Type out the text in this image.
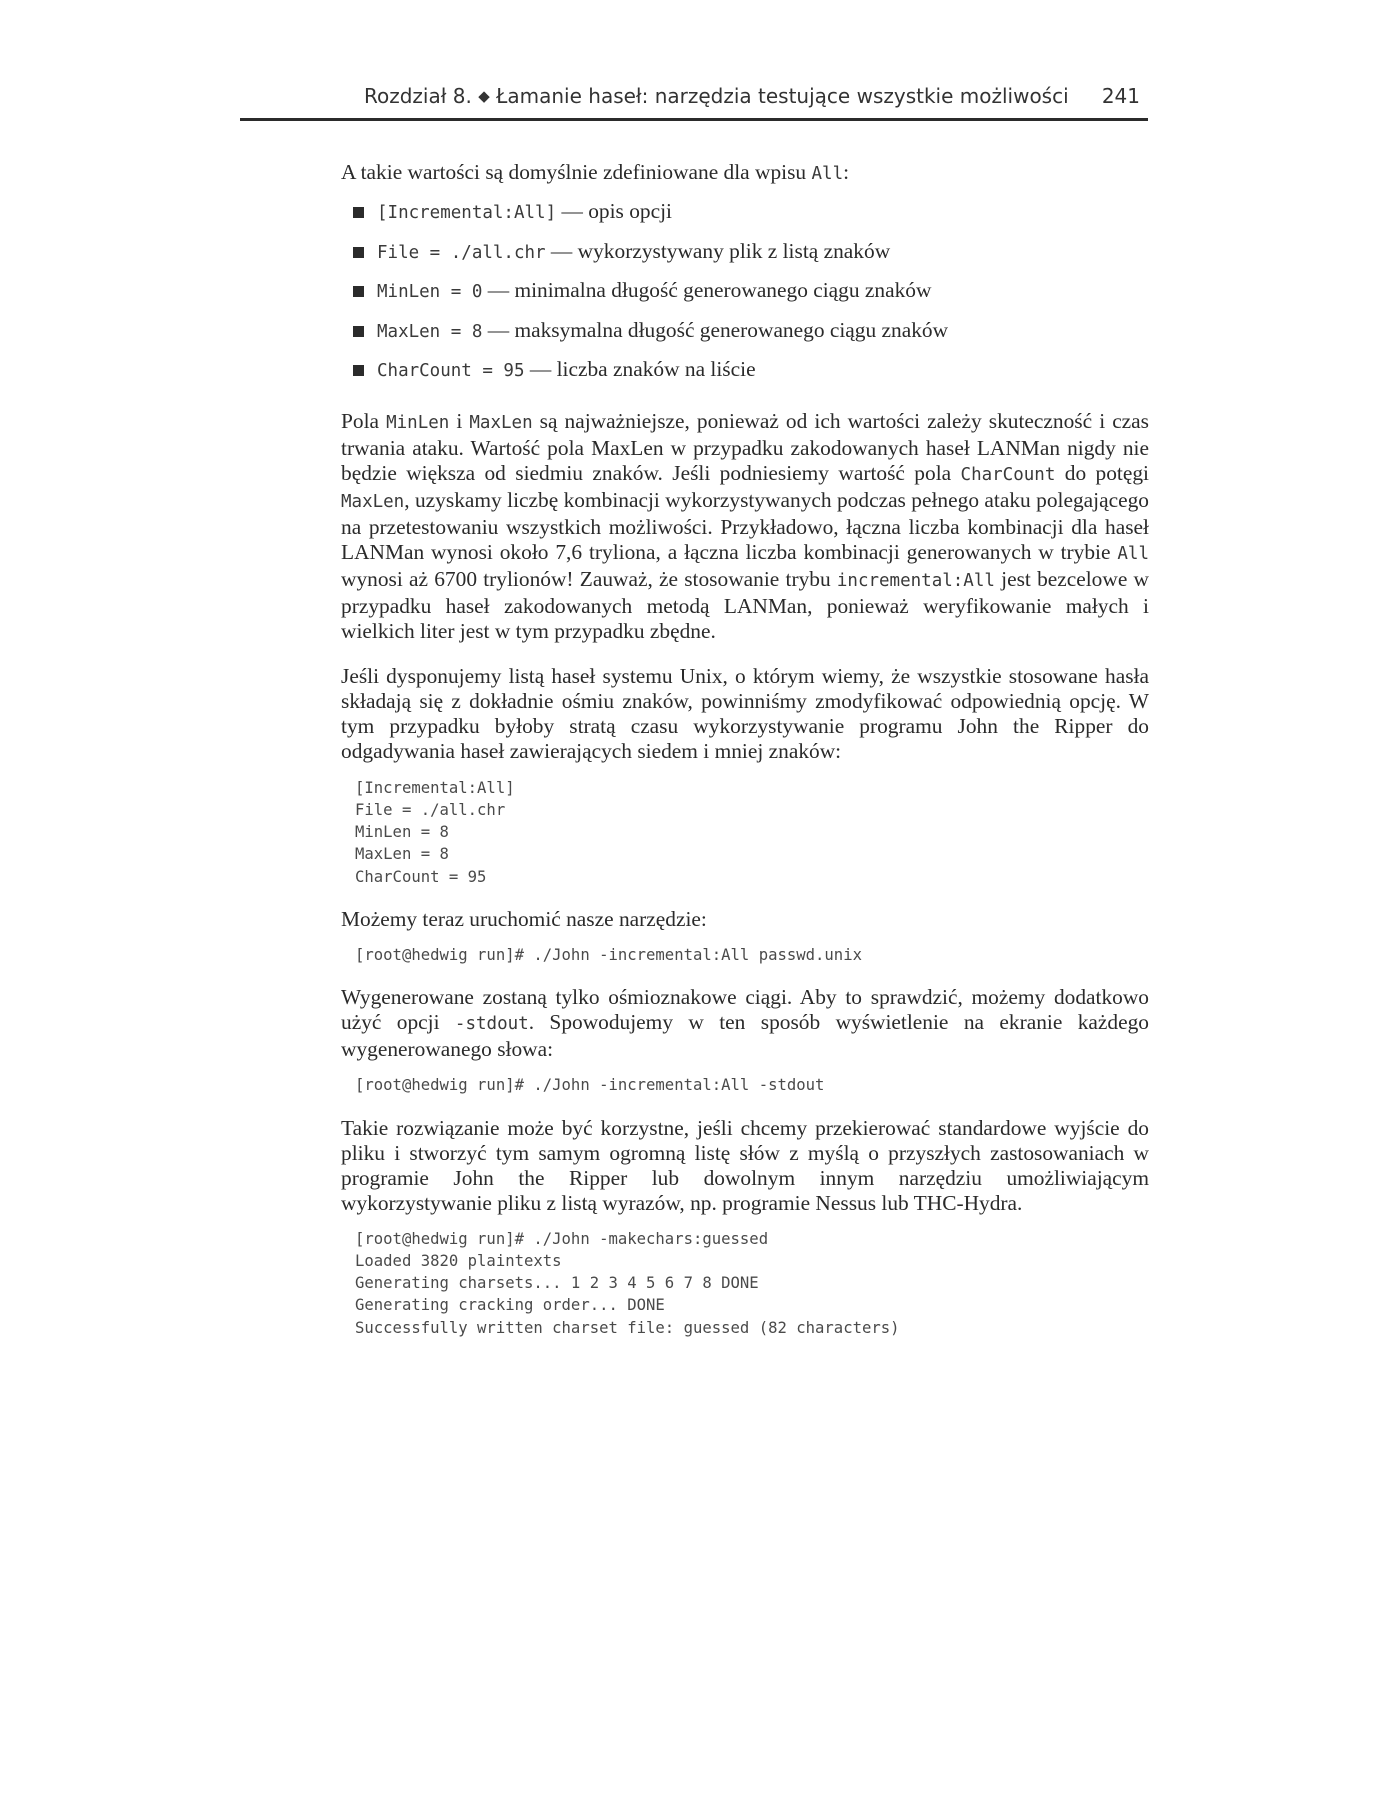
Rozdział 8. ◆ Łamanie haseł: narzędzia testujące wszystkie możliwości 241

A takie wartości są domyślnie zdefiniowane dla wpisu All:

[Incremental:All] — opis opcji
File = ./all.chr — wykorzystywany plik z listą znaków
MinLen = 0 — minimalna długość generowanego ciągu znaków
MaxLen = 8 — maksymalna długość generowanego ciągu znaków
CharCount = 95 — liczba znaków na liście

Pola MinLen i MaxLen są najważniejsze, ponieważ od ich wartości zależy skuteczność i czas trwania ataku. Wartość pola MaxLen w przypadku zakodowanych haseł LANMan nigdy nie będzie większa od siedmiu znaków. Jeśli podniesiemy wartość pola CharCount do potęgi MaxLen, uzyskamy liczbę kombinacji wykorzystywanych podczas pełnego ataku polegającego na przetestowaniu wszystkich możliwości. Przykładowo, łączna liczba kombinacji dla haseł LANMan wynosi około 7,6 tryliona, a łączna liczba kombinacji generowanych w trybie All wynosi aż 6700 trylionów! Zauważ, że stosowanie trybu incremental:All jest bezcelowe w przypadku haseł zakodowanych metodą LANMan, ponieważ weryfikowanie małych i wielkich liter jest w tym przypadku zbędne.

Jeśli dysponujemy listą haseł systemu Unix, o którym wiemy, że wszystkie stosowane hasła składają się z dokładnie ośmiu znaków, powinniśmy zmodyfikować odpowiednią opcję. W tym przypadku byłoby stratą czasu wykorzystywanie programu John the Ripper do odgadywania haseł zawierających siedem i mniej znaków:

[Incremental:All]
File = ./all.chr
MinLen = 8
MaxLen = 8
CharCount = 95

Możemy teraz uruchomić nasze narzędzie:

[root@hedwig run]# ./John -incremental:All passwd.unix

Wygenerowane zostaną tylko ośmioznakowe ciągi. Aby to sprawdzić, możemy dodatkowo użyć opcji -stdout. Spowodujemy w ten sposób wyświetlenie na ekranie każdego wygenerowanego słowa:

[root@hedwig run]# ./John -incremental:All -stdout

Takie rozwiązanie może być korzystne, jeśli chcemy przekierować standardowe wyjście do pliku i stworzyć tym samym ogromną listę słów z myślą o przyszłych zastosowaniach w programie John the Ripper lub dowolnym innym narzędziu umożliwiającym wykorzystywanie pliku z listą wyrazów, np. programie Nessus lub THC-Hydra.

[root@hedwig run]# ./John -makechars:guessed
Loaded 3820 plaintexts
Generating charsets... 1 2 3 4 5 6 7 8 DONE
Generating cracking order... DONE
Successfully written charset file: guessed (82 characters)
